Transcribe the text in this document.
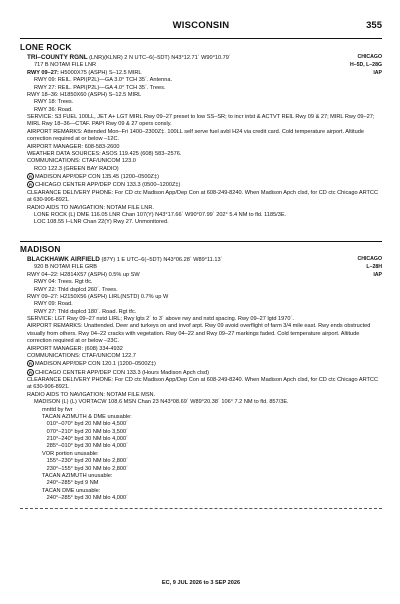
WISCONSIN	355
LONE ROCK
TRI–COUNTY RGNL (LNR)(KLNR) 2 N UTC–6(–5DT) N43°12.71´ W90°10.79´	CHICAGO
717 B NOTAM FILE LNR	H–5D, L–28G
RWY 09–27: H5000X75 (ASPH) S–12.5 MIRL	IAP
RWY 09: REIL. PAPI(P2L)—GA 3.0° TCH 35´. Antenna.
RWY 27: REIL. PAPI(P2L)—GA 4.0° TCH 35´. Trees.
RWY 18–36: H1850X60 (ASPH) S–12.5 MIRL
RWY 18: Trees.
RWY 36: Road.
SERVICE: S3 FUEL 100LL, JET A+ LGT MIRL Rwy 09–27 preset to low SS–SR; to incr intst & ACTVT REIL Rwy 09 & 27; MIRL Rwy 09–27; MIRL Rwy 18–36—CTAF. PAPI Rwy 09 & 27 opers consly.
AIRPORT REMARKS: Attended Mon–Fri 1400–2300Z‡. 100LL self serve fuel avbl H24 via credit card. Cold temperature airport. Altitude correction required at or below –12C.
AIRPORT MANAGER: 608-583-2600
WEATHER DATA SOURCES: ASOS 119.425 (608) 583–2576.
COMMUNICATIONS: CTAF/UNICOM 123.0
RCO 122.3 (GREEN BAY RADIO)
R MADISON APP/DEP CON 135.45 (1200–0500Z‡)
R CHICAGO CENTER APP/DEP CON 133.3 (0500–1200Z‡)
CLEARANCE DELIVERY PHONE: For CD ctc Madison App/Dep Con at 608-249-8240. When Madison Apch clsd, for CD ctc Chicago ARTCC at 630-906-8921.
RADIO AIDS TO NAVIGATION: NOTAM FILE LNR.
LONE ROCK (L) DME 116.05 LNR Chan 107(Y) N43°17.66´ W90°07.99´ 202° 5.4 NM to fld. 1185/3E.
LOC 108.55 I–LNR Chan 22(Y) Rwy 27. Unmonitored.
MADISON
BLACKHAWK AIRFIELD (87Y) 1 E UTC–6(–5DT) N43°06.28´ W89°11.13´	CHICAGO
920 B NOTAM FILE GRB	L–28H
RWY 04–22: H2814X57 (ASPH) 0.5% up SW	IAP
RWY 04: Trees. Rgt tfc.
RWY 22: Thld dsplcd 260´. Trees.
RWY 09–27: H2150X56 (ASPH) LIRL(NSTD) 0.7% up W
RWY 09: Road.
RWY 27: Thld dsplcd 180´. Road. Rgt tfc.
SERVICE: LGT Rwy 09–27 nstd LIRL; Rwy lgts 2´ to 3´ above rwy and nstd spacing. Rwy 09–27 lgtd 1970´.
AIRPORT REMARKS: Unattended. Deer and turkeys on and invof arpt. Rwy 09 avoid overflight of farm 3/4 mile east. Rwy ends obstructed visually from others. Rwy 04–22 cracks with vegetation. Rwy 04–22 and Rwy 09–27 markings faded. Cold temperature airport. Altitude correction required at or below –23C.
AIRPORT MANAGER: (608) 334-4932
COMMUNICATIONS: CTAF/UNICOM 122.7
R MADISON APP/DEP CON 120.1 (1200–0500Z‡)
R CHICAGO CENTER APP/DEP CON 133.3 (Hours Madison Apch clsd)
CLEARANCE DELIVERY PHONE: For CD ctc Madison App/Dep Con at 608-249-8240. When Madison Apch clsd, for CD ctc Chicago ARTCC at 630-906-8921.
RADIO AIDS TO NAVIGATION: NOTAM FILE MSN.
MADISON (L) (L) VORTACW 108.6 MSN Chan 23 N43°08.69´ W89°20.38´ 106° 7.2 NM to fld. 857/3E.
mnttd by fwr
TACAN AZIMUTH & DME unusable:
010°–070° byd 20 NM blo 4,500´
070°–210° byd 20 NM blo 3,500´
210°–240° byd 30 NM blo 4,000´
285°–010° byd 30 NM blo 4,000´
VOR portion unusable:
155°–230° byd 20 NM blo 2,800´
230°–155° byd 30 NM blo 2,800´
TACAN AZIMUTH unusable:
240°–285° byd 9 NM
TACAN DME unusable:
240°–285° byd 30 NM blo 4,000´
EC, 9 JUL 2026 to 3 SEP 2026
